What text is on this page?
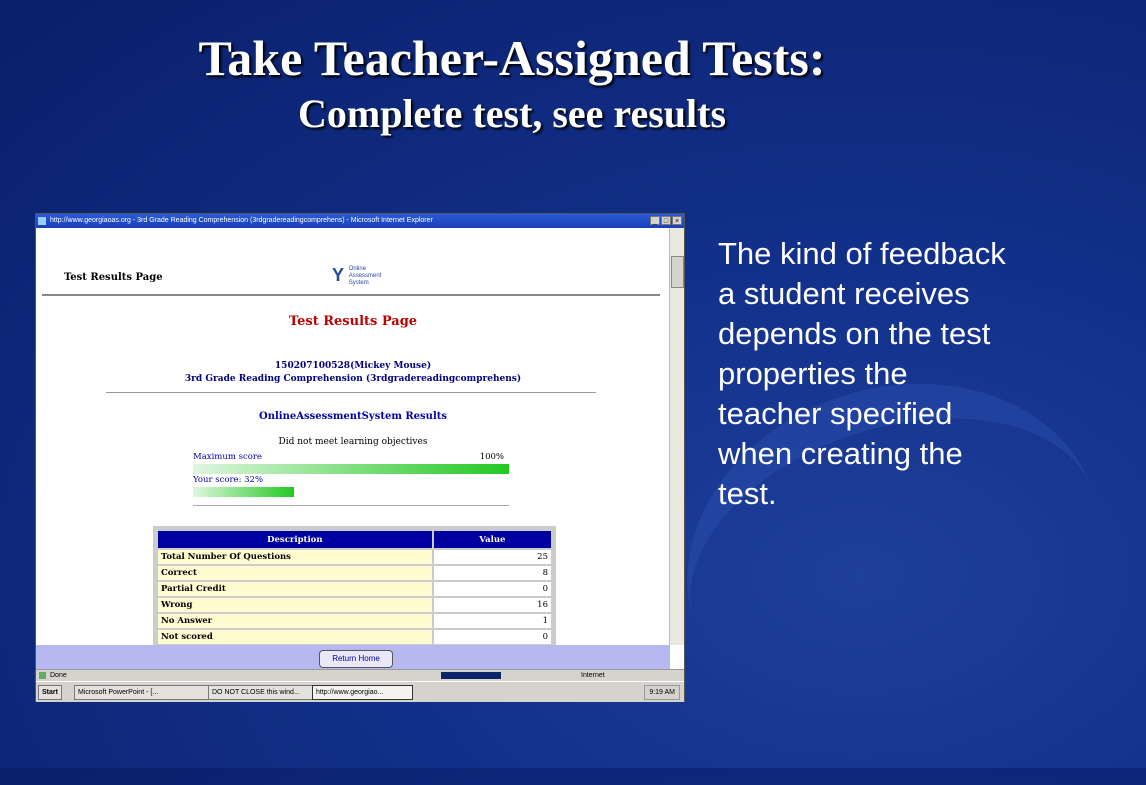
Take Teacher-Assigned Tests:
Complete test, see results
The kind of feedback a student receives depends on the test properties the teacher specified when creating the test.
http://www.georgiaoas.org - 3rd Grade Reading Comprehension (3rdgradereadingcomprehens) - Microsoft Internet Explorer	_ □ ×
Test Results Page	Y Online
Assessment
System
Test Results Page
150207100528(Mickey Mouse)
3rd Grade Reading Comprehension (3rdgradereadingcomprehens)
OnlineAssessmentSystem Results
Did not meet learning objectives
Maximum score	100%
Your score: 32%
Description	Value
Total Number Of Questions	25
Correct	8
Partial Credit	0
Wrong	16
No Answer	1
Not scored	0
Return Home
Done	Internet
Start	Microsoft PowerPoint - [...	DO NOT CLOSE this wind...	http://www.georgiao...	9:19 AM
